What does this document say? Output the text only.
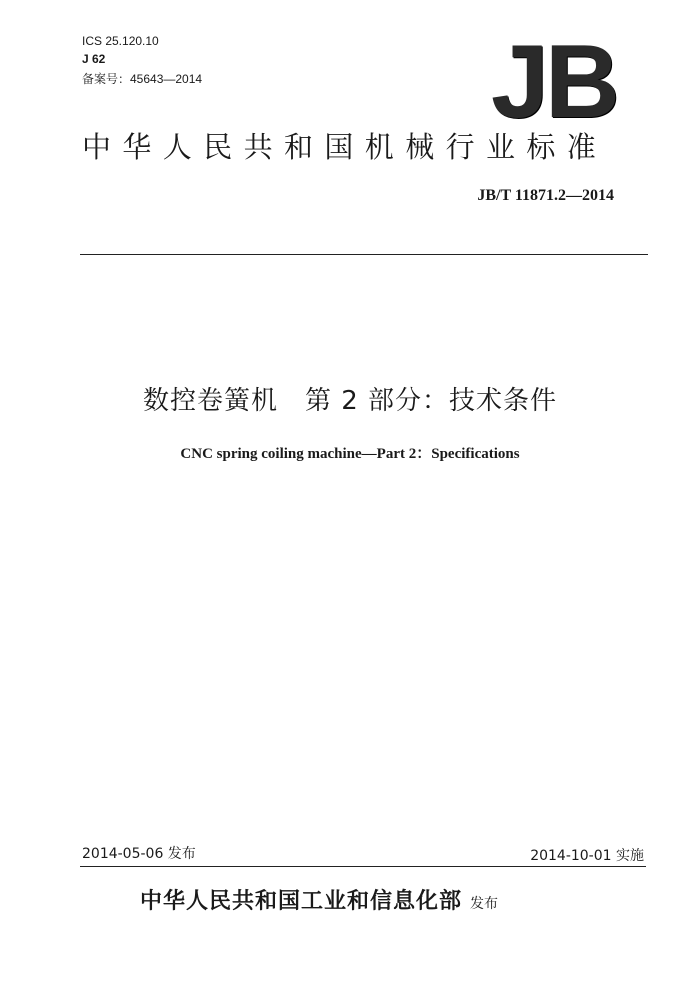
ICS 25.120.10
J 62
备案号：45643—2014	JB
中华人民共和国机械行业标准
JB/T 11871.2—2014
数控卷簧机　第 2 部分：技术条件
CNC spring coiling machine—Part 2：Specifications
2014-05-06 发布	2014-10-01 实施
中华人民共和国工业和信息化部 发布
